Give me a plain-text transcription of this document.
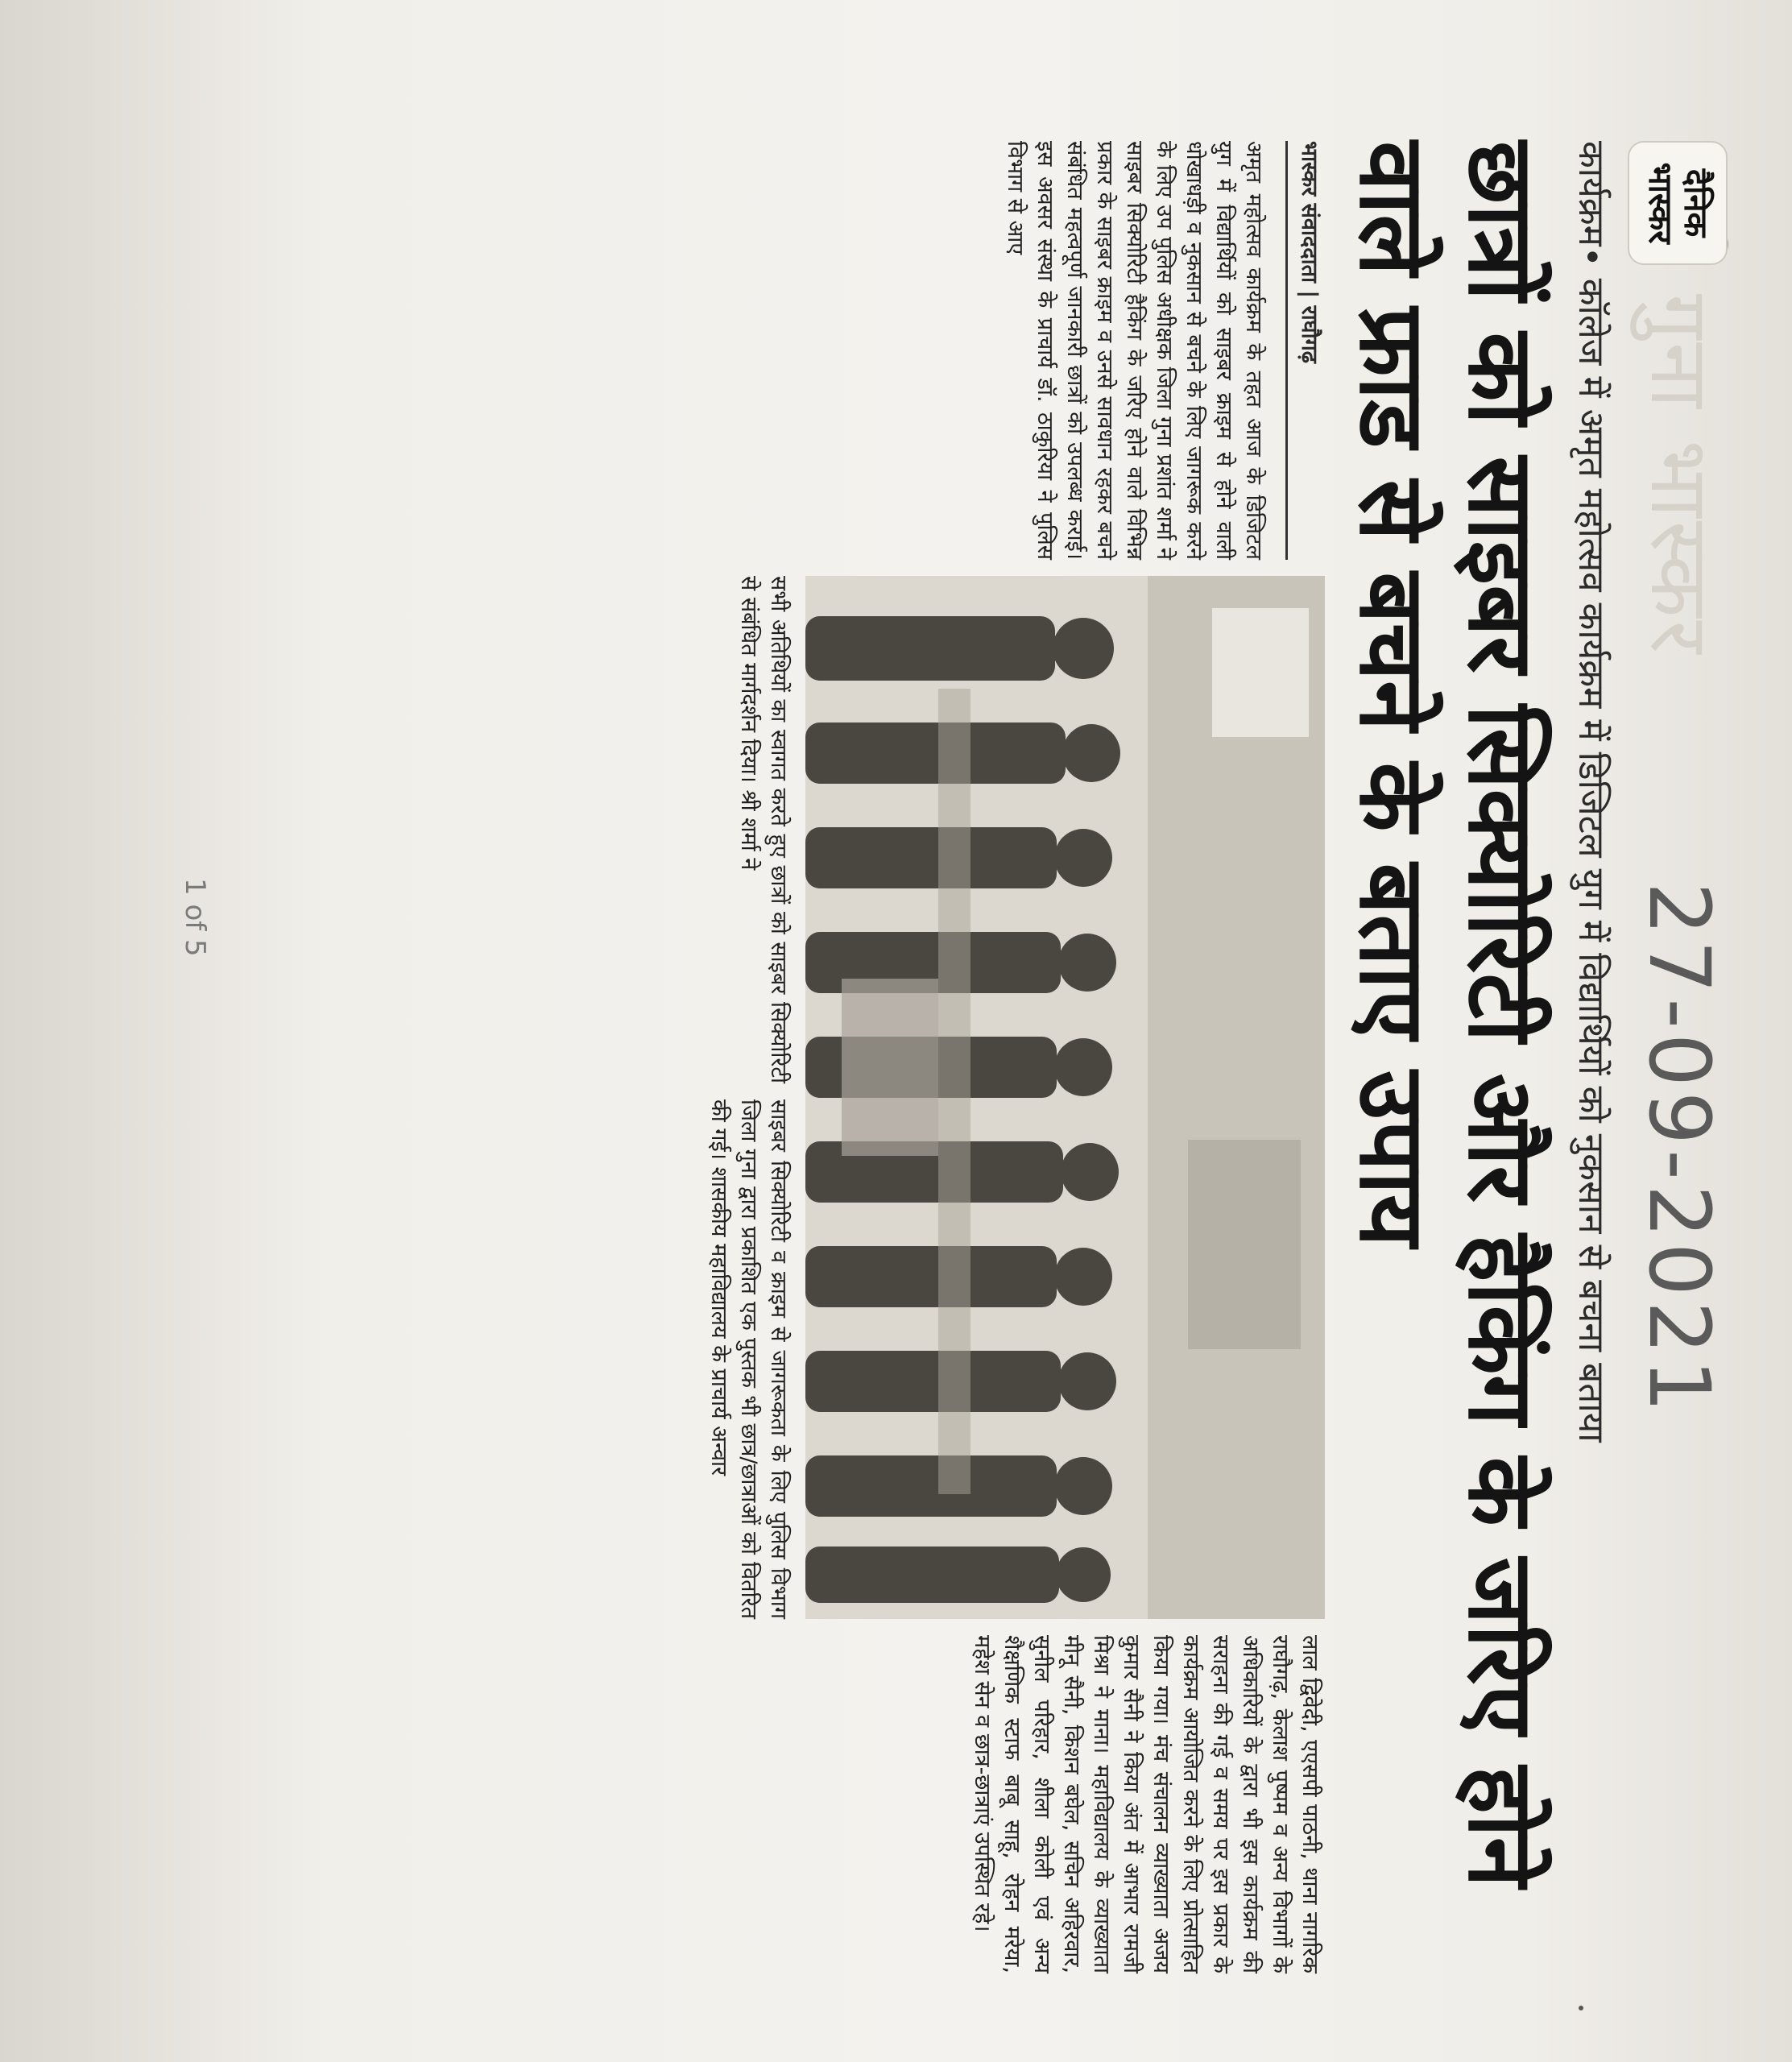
1 of 5
दैनिक
भास्कर
गुना भास्कर
27-09-2021
कार्यक्रम• कॉलेज में अमृत महोत्सव कार्यक्रम में डिजिटल युग में विद्यार्थियों को नुकसान से बचना बताया
छात्रों को साइबर सिक्योरिटी और हैकिंग के जरिए होने वाले फ्राड से बचने के बताए उपाय
भास्कर संवाददाता | राघौगढ़
अमृत महोत्सव कार्यक्रम के तहत आज के डिजिटल युग में विद्यार्थियों को साइबर क्राइम से होने वाली धोखाधड़ी व नुकसान से बचने के लिए जागरूक करने के लिए उप पुलिस अधीक्षक जिला गुना प्रशांत शर्मा ने साइबर सिक्योरिटी हैकिंग के जरिए होने वाले विभिन्न प्रकार के साइबर क्राइम व उनसे सावधान रहकर बचने संबंधित महत्वपूर्ण जानकारी छात्रों को उपलब्ध कराई। इस अवसर संस्था के प्राचार्य डॉ. ठाकुरिया ने पुलिस विभाग से आए
सभी अतिथियों का स्वागत करते हुए छात्रों को साइबर सिक्योरिटी से संबंधित मार्गदर्शन दिया। श्री शर्मा ने
साइबर सिक्योरिटी व क्राइम से जागरूकता के लिए पुलिस विभाग जिला गुना द्वारा प्रकाशित एक पुस्तक भी छात्र/छात्राओं को वितरित की गई। शासकीय महाविद्यालय के प्राचार्य अन्वार
लाल द्विवेदी, एएसपी पाठनी, थाना नागरिक राघौगढ़, केलाश पुष्पम व अन्य विभागों के अधिकारियों के द्वारा भी इस कार्यक्रम की सराहना की गई व समय पर इस प्रकार के कार्यक्रम आयोजित करने के लिए प्रोत्साहित किया गया। मंच संचालन व्याख्याता अजय कुमार सैनी ने किया अंत में आभार रामजी मिश्रा ने माना। महाविद्यालय के व्याख्याता मीनू सैनी, किशन बघेल, सचिन अहिरवार, सुनील परिहार, शीला कोली एवं अन्य शैक्षणिक स्टाफ बाबू साहू, रोहन मरेया, महेश सेन व छात्र-छात्राएं उपस्थित रहे।
